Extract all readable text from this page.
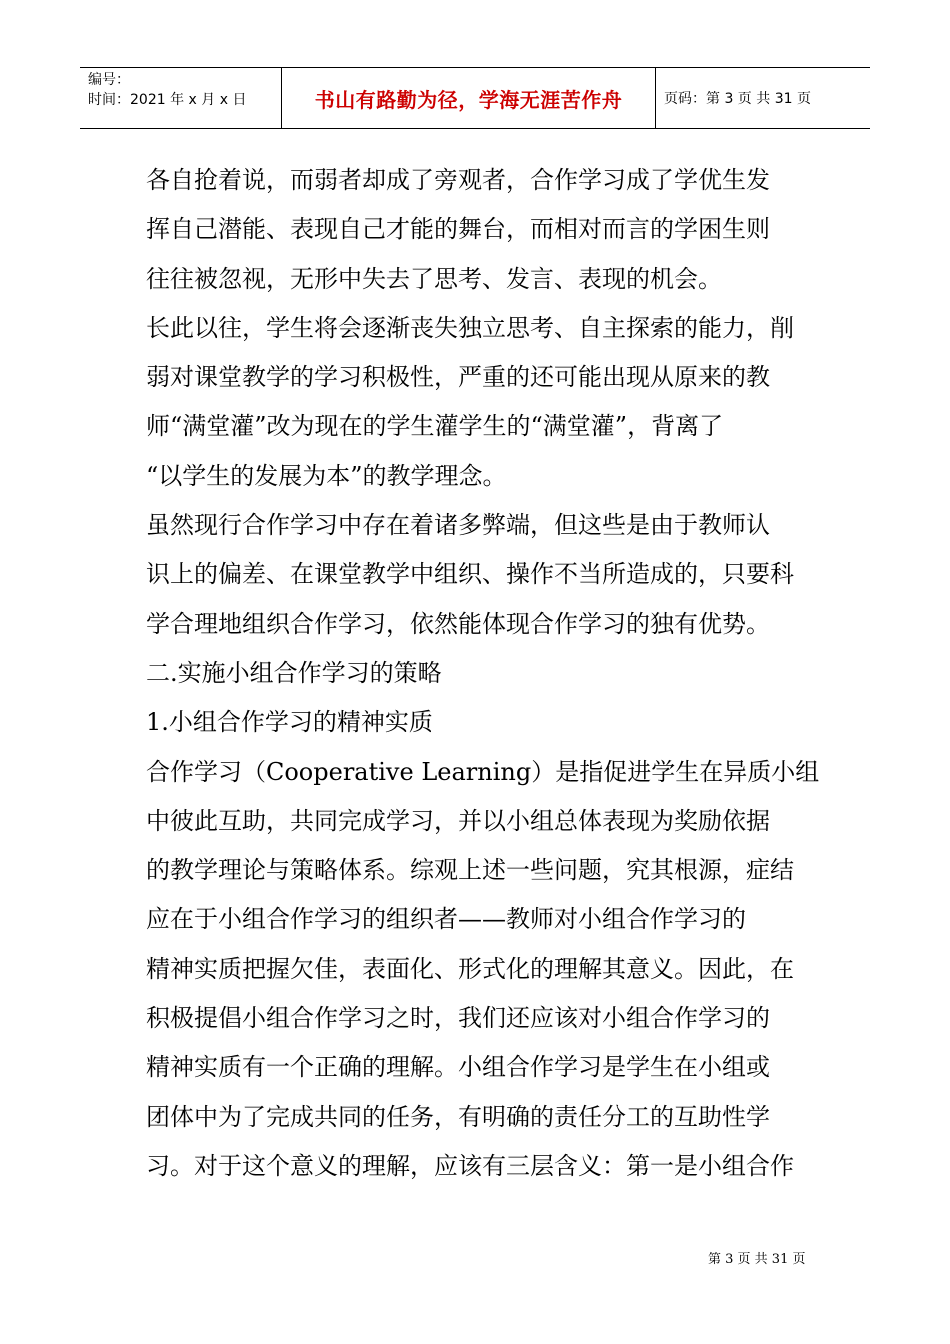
编号：
时间：2021 年 x 月 x 日	书山有路勤为径，学海无涯苦作舟	页码：第 3 页 共 31 页
各自抢着说，而弱者却成了旁观者，合作学习成了学优生发
挥自己潜能、表现自己才能的舞台，而相对而言的学困生则
往往被忽视，无形中失去了思考、发言、表现的机会。
长此以往，学生将会逐渐丧失独立思考、自主探索的能力，削
弱对课堂教学的学习积极性，严重的还可能出现从原来的教
师“满堂灌”改为现在的学生灌学生的“满堂灌”，背离了
“以学生的发展为本”的教学理念。
虽然现行合作学习中存在着诸多弊端，但这些是由于教师认
识上的偏差、在课堂教学中组织、操作不当所造成的，只要科
学合理地组织合作学习，依然能体现合作学习的独有优势。
二.实施小组合作学习的策略
1.小组合作学习的精神实质
合作学习（Cooperative Learning）是指促进学生在异质小组
中彼此互助，共同完成学习，并以小组总体表现为奖励依据
的教学理论与策略体系。综观上述一些问题，究其根源，症结
应在于小组合作学习的组织者——教师对小组合作学习的
精神实质把握欠佳，表面化、形式化的理解其意义。因此，在
积极提倡小组合作学习之时，我们还应该对小组合作学习的
精神实质有一个正确的理解。小组合作学习是学生在小组或
团体中为了完成共同的任务，有明确的责任分工的互助性学
习。对于这个意义的理解，应该有三层含义：第一是小组合作
第 3 页 共 31 页
